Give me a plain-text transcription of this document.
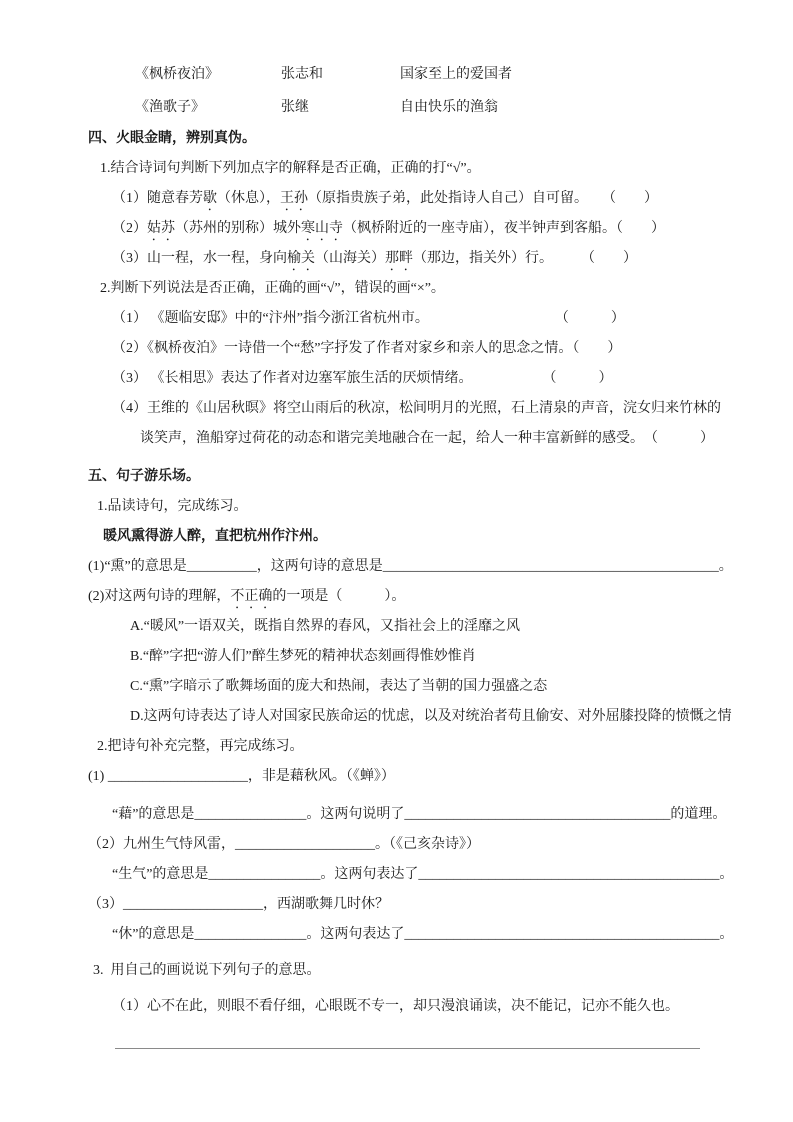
《枫桥夜泊》	张志和	国家至上的爱国者
《渔歌子》	张继	自由快乐的渔翁
四、火眼金睛，辨别真伪。
1.结合诗词句判断下列加点字的解释是否正确，正确的打“√”。
（1）随意春芳歇（休息），王孙（原指贵族子弟，此处指诗人自己）自可留。　　（　　）
（2）姑苏（苏州的别称）城外寒山寺（枫桥附近的一座寺庙），夜半钟声到客船。（　　）
（3）山一程，水一程，身向榆关（山海关）那畔（那边，指关外）行。　　　（　　）
2.判断下列说法是否正确，正确的画“√”，错误的画“×”。
（1） 《题临安邸》中的“汴州”指今浙江省杭州市。　　　　　　　　　　（　　　）
（2）《枫桥夜泊》一诗借一个“愁”字抒发了作者对家乡和亲人的思念之情。（　　）
（3） 《长相思》表达了作者对边塞军旅生活的厌烦情绪。　　　　　　（　　　）
（4）王维的《山居秋暝》将空山雨后的秋凉，松间明月的光照，石上清泉的声音，浣女归来竹林的
谈笑声，渔船穿过荷花的动态和谐完美地融合在一起，给人一种丰富新鲜的感受。　（　　　）
五、句子游乐场。
1.品读诗句，完成练习。
暖风熏得游人醉，直把杭州作汴州。
(1)“熏”的意思是__________，这两句诗的意思是________________________________________________。
(2)对这两句诗的理解，不正确的一项是（　　　）。
A.“暖风”一语双关，既指自然界的春风，又指社会上的淫靡之风
B.“醉”字把“游人们”醉生梦死的精神状态刻画得惟妙惟肖
C.“熏”字暗示了歌舞场面的庞大和热闹，表达了当朝的国力强盛之态
D.这两句诗表达了诗人对国家民族命运的忧虑，以及对统治者苟且偷安、对外屈膝投降的愤慨之情
2.把诗句补充完整，再完成练习。
(1) ____________________，非是藉秋风。（《蝉》）
“藉”的意思是________________。这两句说明了______________________________________的道理。
（2）九州生气恃风雷，____________________。（《己亥杂诗》）
“生气”的意思是________________。这两句表达了___________________________________________。
（3）____________________，西湖歌舞几时休？
“休”的意思是________________。这两句表达了_____________________________________________。
3.  用自己的画说说下列句子的意思。
（1）心不在此，则眼不看仔细，心眼既不专一，却只漫浪诵读，决不能记，记亦不能久也。
